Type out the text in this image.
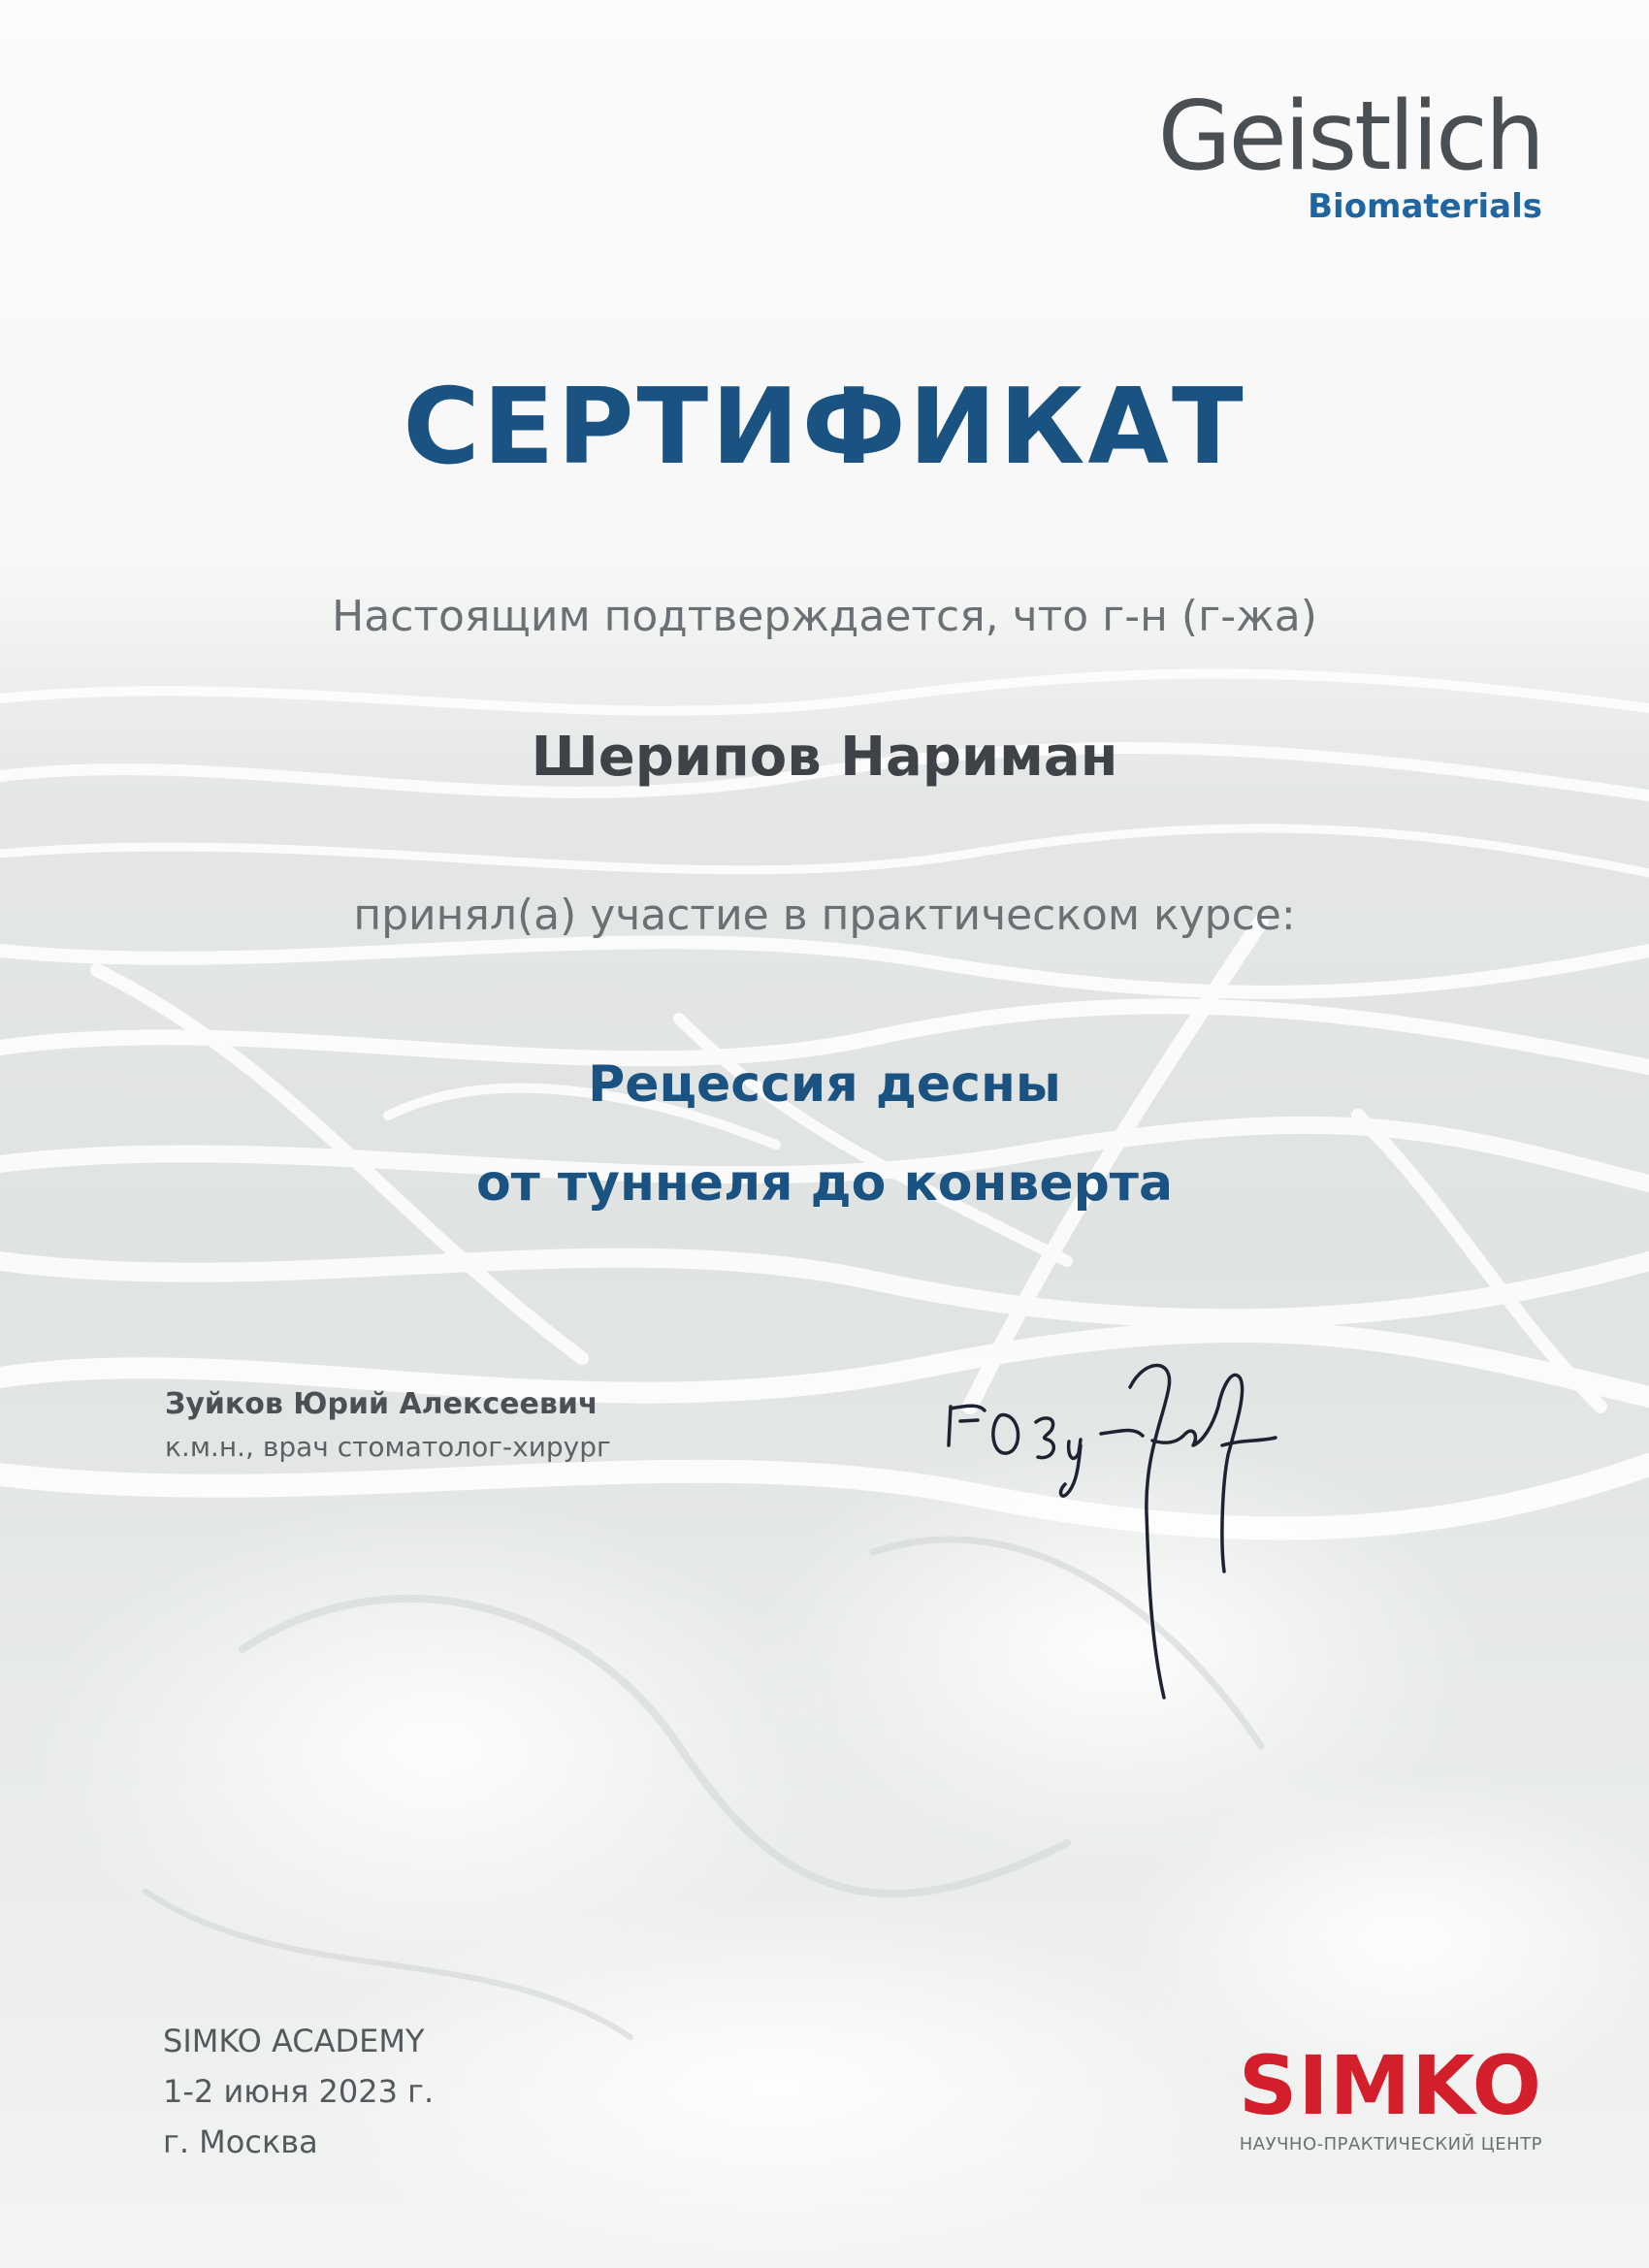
Geistlich
Biomaterials
СЕРТИФИКАТ
Настоящим подтверждается, что г-н (г-жа)
Шерипов Нариман
принял(а) участие в практическом курсе:
Рецессия десны
от туннеля до конверта
Зуйков Юрий Алексеевич
к.м.н., врач стоматолог-хирург
SIMKO ACADEMY
1-2 июня 2023 г.
г. Москва
SIMKO
НАУЧНО-ПРАКТИЧЕСКИЙ ЦЕНТР
